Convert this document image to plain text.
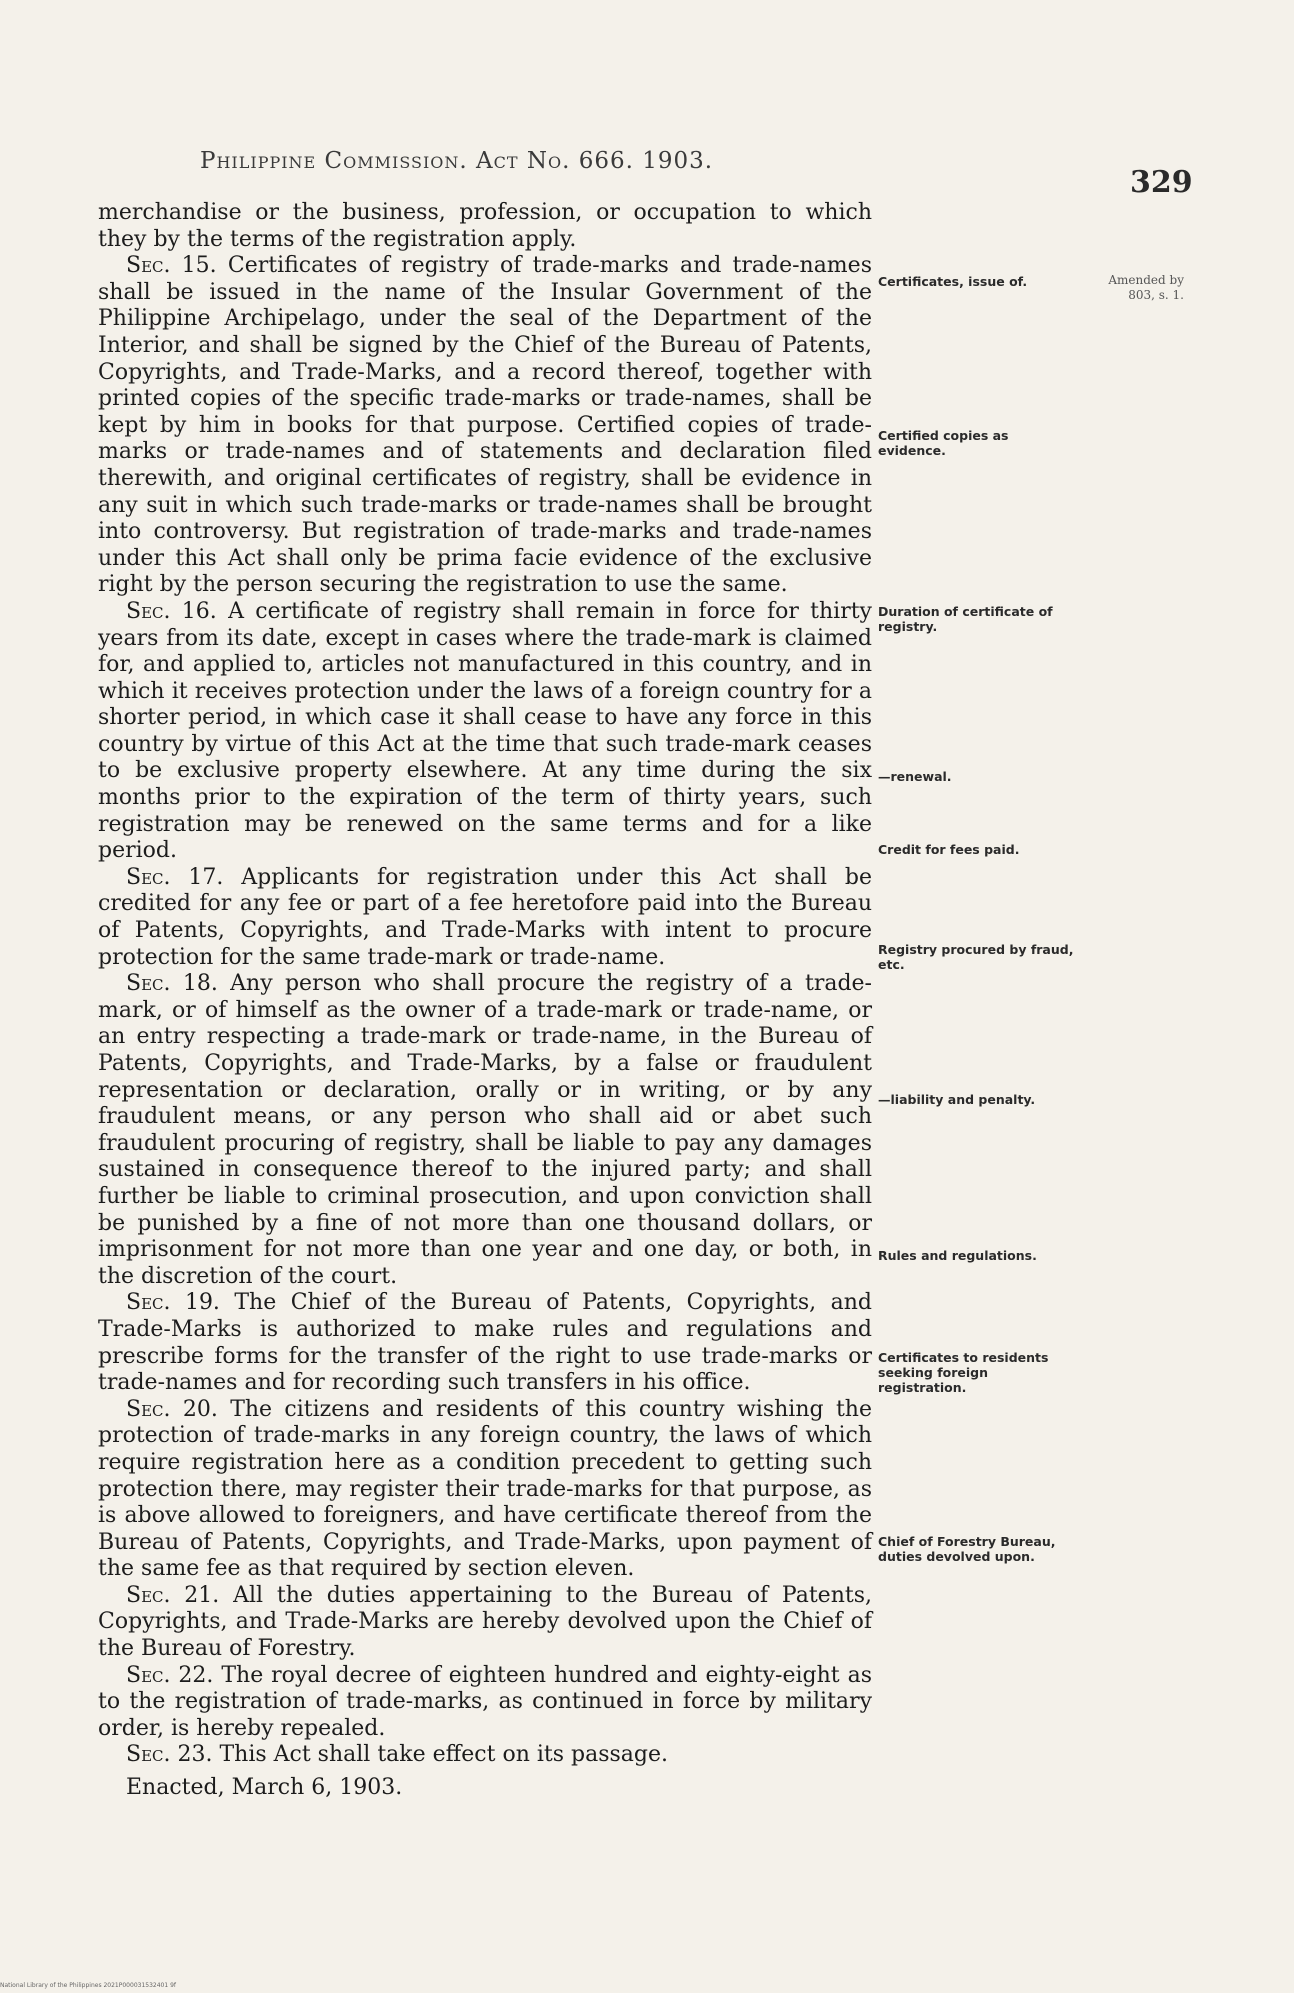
Philippine Commission. Act No. 666. 1903.
329

merchandise or the business, profession, or occupation to which they by the terms of the registration apply.

Sec. 15. Certificates of registry of trade-marks and trade-names shall be issued in the name of the Insular Government of the Philippine Archipelago, under the seal of the Department of the Interior, and shall be signed by the Chief of the Bureau of Patents, Copyrights, and Trade-Marks, and a record thereof, together with printed copies of the specific trade-marks or trade-names, shall be kept by him in books for that purpose. Certified copies of trade-marks or trade-names and of statements and declaration filed therewith, and original certificates of registry, shall be evidence in any suit in which such trade-marks or trade-names shall be brought into controversy. But registration of trade-marks and trade-names under this Act shall only be prima facie evidence of the exclusive right by the person securing the registration to use the same.

Sec. 16. A certificate of registry shall remain in force for thirty years from its date, except in cases where the trade-mark is claimed for, and applied to, articles not manufactured in this country, and in which it receives protection under the laws of a foreign country for a shorter period, in which case it shall cease to have any force in this country by virtue of this Act at the time that such trade-mark ceases to be exclusive property elsewhere. At any time during the six months prior to the expiration of the term of thirty years, such registration may be renewed on the same terms and for a like period.

Sec. 17. Applicants for registration under this Act shall be credited for any fee or part of a fee heretofore paid into the Bureau of Patents, Copyrights, and Trade-Marks with intent to procure protection for the same trade-mark or trade-name.

Sec. 18. Any person who shall procure the registry of a trade-mark, or of himself as the owner of a trade-mark or trade-name, or an entry respecting a trade-mark or trade-name, in the Bureau of Patents, Copyrights, and Trade-Marks, by a false or fraudulent representation or declaration, orally or in writing, or by any fraudulent means, or any person who shall aid or abet such fraudulent procuring of registry, shall be liable to pay any damages sustained in consequence thereof to the injured party; and shall further be liable to criminal prosecution, and upon conviction shall be punished by a fine of not more than one thousand dollars, or imprisonment for not more than one year and one day, or both, in the discretion of the court.

Sec. 19. The Chief of the Bureau of Patents, Copyrights, and Trade-Marks is authorized to make rules and regulations and prescribe forms for the transfer of the right to use trade-marks or trade-names and for recording such transfers in his office.

Sec. 20. The citizens and residents of this country wishing the protection of trade-marks in any foreign country, the laws of which require registration here as a condition precedent to getting such protection there, may register their trade-marks for that purpose, as is above allowed to foreigners, and have certificate thereof from the Bureau of Patents, Copyrights, and Trade-Marks, upon payment of the same fee as that required by section eleven.

Sec. 21. All the duties appertaining to the Bureau of Patents, Copyrights, and Trade-Marks are hereby devolved upon the Chief of the Bureau of Forestry.

Sec. 22. The royal decree of eighteen hundred and eighty-eight as to the registration of trade-marks, as continued in force by military order, is hereby repealed.

Sec. 23. This Act shall take effect on its passage.

Enacted, March 6, 1903.

Certificates, issue of.
Certified copies as evidence.
Duration of certificate of registry.
—renewal.
Credit for fees paid.
Registry procured by fraud, etc.
—liability and penalty.
Rules and regulations.
Certificates to residents seeking foreign registration.
Chief of Forestry Bureau, duties devolved upon.
Amended by 803, s. 1.
National Library of the Philippines 2021P000031532401 9f
